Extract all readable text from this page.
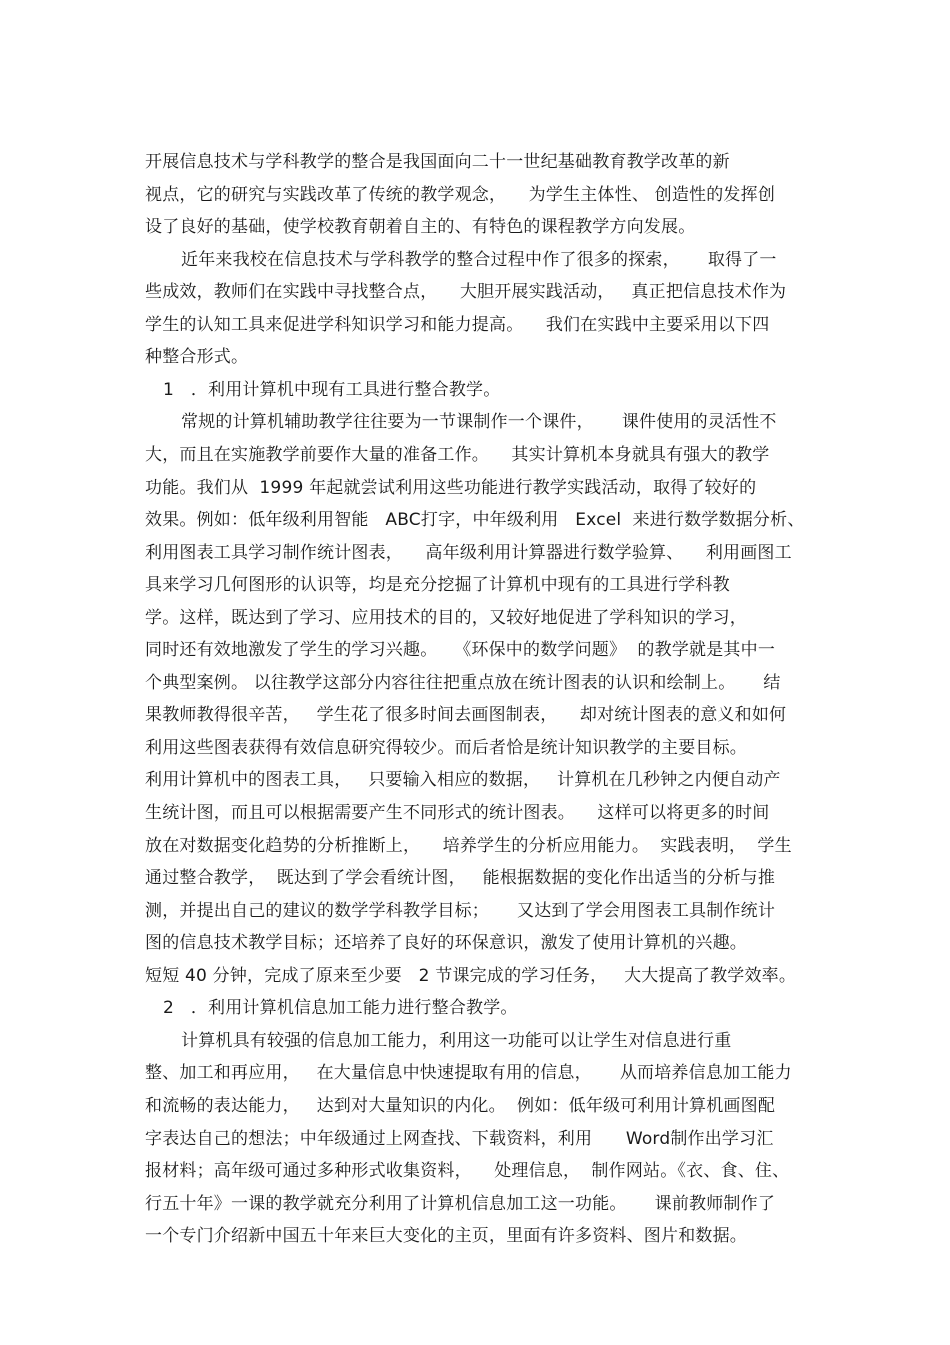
开展信息技术与学科教学的整合是我国面向二十一世纪基础教育教学改革的新
视点，它的研究与实践改革了传统的教学观念，    为学生主体性、 创造性的发挥创
设了良好的基础，使学校教育朝着自主的、有特色的课程教学方向发展。
近年来我校在信息技术与学科教学的整合过程中作了很多的探索，     取得了一
些成效，教师们在实践中寻找整合点，    大胆开展实践活动，   真正把信息技术作为
学生的认知工具来促进学科知识学习和能力提高。    我们在实践中主要采用以下四
种整合形式。
1   ．利用计算机中现有工具进行整合教学。
常规的计算机辅助教学往往要为一节课制作一个课件，     课件使用的灵活性不
大，而且在实施教学前要作大量的准备工作。    其实计算机本身就具有强大的教学
功能。我们从  1999 年起就尝试利用这些功能进行教学实践活动，取得了较好的
效果。例如：低年级利用智能   ABC打字，中年级利用   Excel  来进行数学数据分析、
利用图表工具学习制作统计图表，    高年级利用计算器进行数学验算、    利用画图工
具来学习几何图形的认识等，均是充分挖掘了计算机中现有的工具进行学科教
学。这样，既达到了学习、应用技术的目的，又较好地促进了学科知识的学习，
同时还有效地激发了学生的学习兴趣。   《环保中的数学问题》  的教学就是其中一
个典型案例。 以往教学这部分内容往往把重点放在统计图表的认识和绘制上。     结
果教师教得很辛苦，   学生花了很多时间去画图制表，    却对统计图表的意义和如何
利用这些图表获得有效信息研究得较少。而后者恰是统计知识教学的主要目标。
利用计算机中的图表工具，   只要输入相应的数据，   计算机在几秒钟之内便自动产
生统计图，而且可以根据需要产生不同形式的统计图表。    这样可以将更多的时间
放在对数据变化趋势的分析推断上，    培养学生的分析应用能力。  实践表明，  学生
通过整合教学，  既达到了学会看统计图，   能根据数据的变化作出适当的分析与推
测，并提出自己的建议的数学学科教学目标；     又达到了学会用图表工具制作统计
图的信息技术教学目标；还培养了良好的环保意识，激发了使用计算机的兴趣。
短短 40 分钟，完成了原来至少要   2 节课完成的学习任务，   大大提高了教学效率。
2   ．利用计算机信息加工能力进行整合教学。
计算机具有较强的信息加工能力，利用这一功能可以让学生对信息进行重
整、加工和再应用，   在大量信息中快速提取有用的信息，     从而培养信息加工能力
和流畅的表达能力，   达到对大量知识的内化。  例如：低年级可利用计算机画图配
字表达自己的想法；中年级通过上网查找、下载资料，利用      Word制作出学习汇
报材料；高年级可通过多种形式收集资料，    处理信息，  制作网站。《衣、食、住、
行五十年》一课的教学就充分利用了计算机信息加工这一功能。     课前教师制作了
一个专门介绍新中国五十年来巨大变化的主页，里面有许多资料、图片和数据。
